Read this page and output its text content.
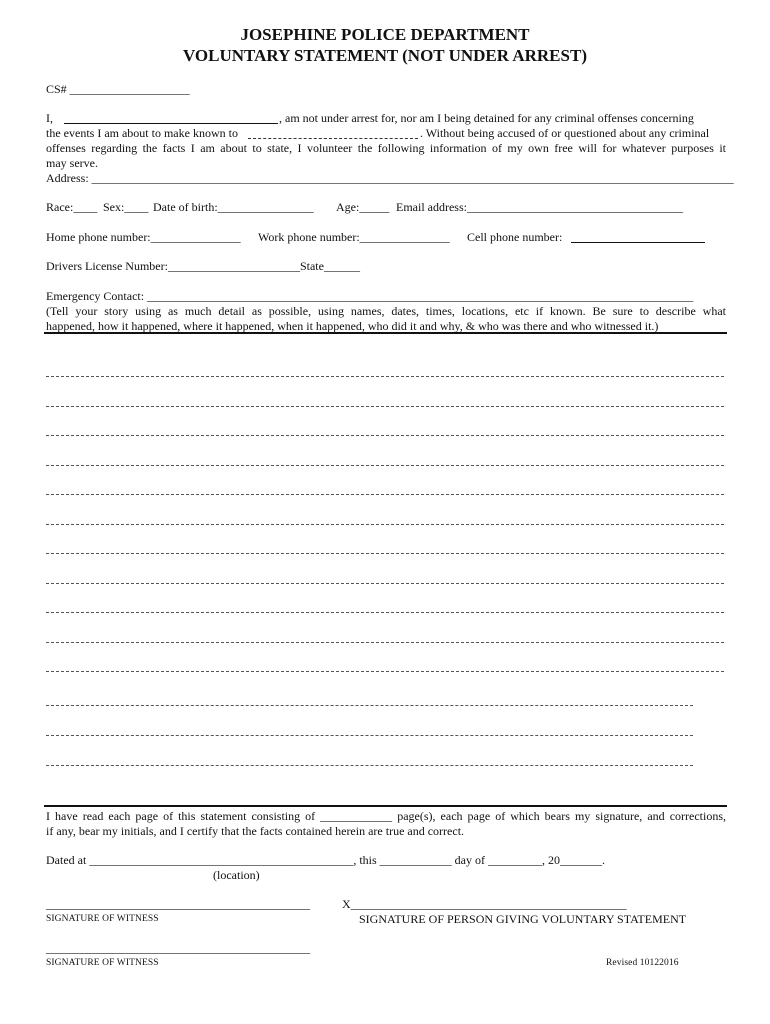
JOSEPHINE POLICE DEPARTMENT
VOLUNTARY STATEMENT (NOT UNDER ARREST)
CS# ____________________
I,	, am not under arrest for, nor am I being detained for any criminal offenses concerning
the events I am about to make known to	. Without being accused of or questioned about any criminal
offenses regarding the facts I am about to state, I volunteer the following information of my own free will for whatever purposes it
may serve.
Address: ___________________________________________________________________________________________________________
Race:____ Sex:____ Date of birth:________________ Age:_____ Email address:____________________________________
Home phone number:_______________ Work phone number:_______________ Cell phone number:
Drivers License Number:______________________State______
Emergency Contact: ___________________________________________________________________________________________
(Tell your story using as much detail as possible, using names, dates, times, locations, etc if known. Be sure to describe what
happened, how it happened, where it happened, when it happened, who did it and why, & who was there and who witnessed it.)
I have read each page of this statement consisting of ____________ page(s), each page of which bears my signature, and corrections,
if any, bear my initials, and I certify that the facts contained herein are true and correct.
Dated at ____________________________________________, this ____________ day of _________, 20_______.
(location)
____________________________________________	X______________________________________________
SIGNATURE OF WITNESS	SIGNATURE OF PERSON GIVING VOLUNTARY STATEMENT
____________________________________________
SIGNATURE OF WITNESS	Revised 10122016
